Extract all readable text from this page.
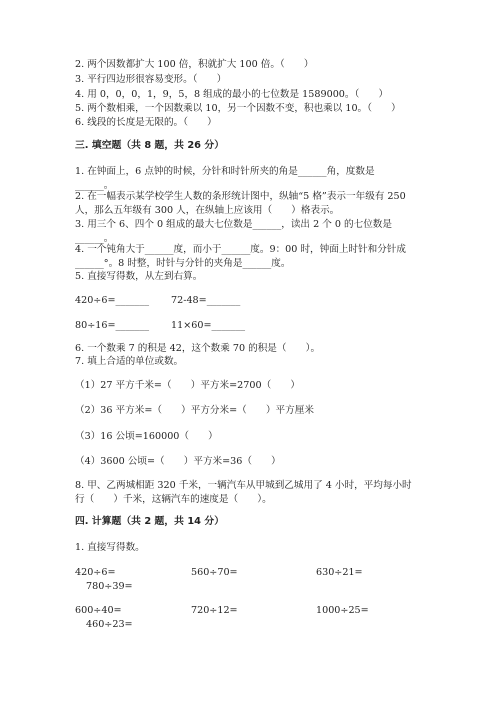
2. 两个因数都扩大 100 倍，积就扩大 100 倍。（　　）
3. 平行四边形很容易变形。（　　）
4. 用 0，0，0，1，9，5，8 组成的最小的七位数是 1589000。（　　）
5. 两个数相乘，一个因数乘以 10，另一个因数不变，积也乘以 10。（　　）
6. 线段的长度是无限的。（　　）
三. 填空题（共 8 题，共 26 分）
1. 在钟面上，6 点钟的时候，分针和时针所夹的角是______角，度数是
______。
2. 在一幅表示某学校学生人数的条形统计图中，纵轴“5 格”表示一年级有 250
人，那么五年级有 300 人，在纵轴上应该用（　　）格表示。
3. 用三个 6、四个 0 组成的最大七位数是______，读出 2 个 0 的七位数是
______。
4. 一个钝角大于______度，而小于______度。9：00 时，钟面上时针和分针成
______°。8 时整，时针与分针的夹角是______度。
5. 直接写得数，从左到右算。
420÷6=_______ 72-48=_______
80÷16=_______ 11×60=_______
6. 一个数乘 7 的积是 42，这个数乘 70 的积是（　　）。
7. 填上合适的单位或数。
（1）27 平方千米=（　　）平方米=2700（　　）
（2）36 平方米=（　　）平方分米=（　　）平方厘米
（3）16 公顷=160000（　　）
（4）3600 公顷=（　　）平方米=36（　　）
8. 甲、乙两城相距 320 千米，一辆汽车从甲城到乙城用了 4 小时，平均每小时
行（　　）千米，这辆汽车的速度是（　　）。
四. 计算题（共 2 题，共 14 分）
1. 直接写得数。
420÷6=	560÷70=	630÷21=
780÷39=
600÷40=	720÷12=	1000÷25=
460÷23=
